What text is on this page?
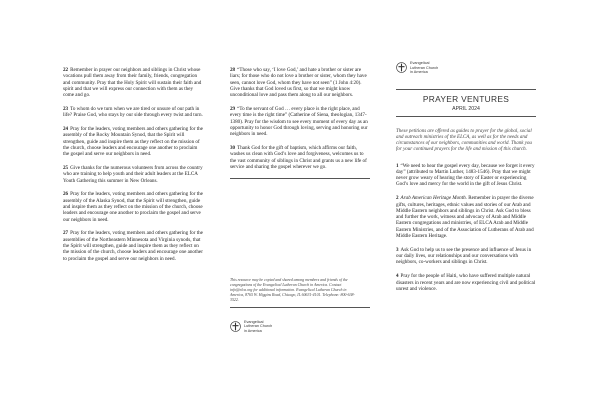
22 Remember in prayer our neighbors and siblings in Christ whose vocations pull them away from their family, friends, congregation and community. Pray that the Holy Spirit will sustain their faith and spirit and that we will express our connection with them as they come and go.

23 To whom do we turn when we are tired or unsure of our path in life? Praise God, who stays by our side through every twist and turn.

24 Pray for the leaders, voting members and others gathering for the assembly of the Rocky Mountain Synod, that the Spirit will strengthen, guide and inspire them as they reflect on the mission of the church, choose leaders and encourage one another to proclaim the gospel and serve our neighbors in need.

25 Give thanks for the numerous volunteers from across the country who are training to help youth and their adult leaders at the ELCA Youth Gathering this summer in New Orleans.

26 Pray for the leaders, voting members and others gathering for the assembly of the Alaska Synod, that the Spirit will strengthen, guide and inspire them as they reflect on the mission of the church, choose leaders and encourage one another to proclaim the gospel and serve our neighbors in need.

27 Pray for the leaders, voting members and others gathering for the assemblies of the Northeastern Minnesota and Virginia synods, that the Spirit will strengthen, guide and inspire them as they reflect on the mission of the church, choose leaders and encourage one another to proclaim the gospel and serve our neighbors in need.

28 “Those who say, ‘I love God,’ and hate a brother or sister are liars; for those who do not love a brother or sister, whom they have seen, cannot love God, whom they have not seen” (1 John 4:20). Give thanks that God loved us first, so that we might know unconditional love and pass them along to all our neighbors.

29 “To the servant of God … every place is the right place, and every time is the right time” (Catherine of Siena, theologian, 1347-1380). Pray for the wisdom to see every moment of every day as an opportunity to honor God through loving, serving and honoring our neighbors in need.

30 Thank God for the gift of baptism, which affirms our faith, washes us clean with God’s love and forgiveness, welcomes us to the vast community of siblings in Christ and grants us a new life of service and sharing the gospel wherever we go.

This resource may be copied and shared among members and friends of the congregations of the Evangelical Lutheran Church in America. Contact info@elca.org for additional information. Evangelical Lutheran Church in America, 8765 W. Higgins Road, Chicago, IL 60631-4101. Telephone: 800-638-3522.
Evangelical
Lutheran Church
in America
Evangelical
Lutheran Church
in America
PRAYER VENTURES
APRIL 2024
These petitions are offered as guides to prayer for the global, social and outreach ministries of the ELCA, as well as for the needs and circumstances of our neighbors, communities and world. Thank you for your continued prayers for the life and mission of this church.

1 “We need to hear the gospel every day, because we forget it every day” (attributed to Martin Luther, 1483-1546). Pray that we might never grow weary of hearing the story of Easter or experiencing God’s love and mercy for the world in the gift of Jesus Christ.

2 Arab American Heritage Month. Remember in prayer the diverse gifts, cultures, heritages, ethnic values and stories of our Arab and Middle Eastern neighbors and siblings in Christ. Ask God to bless and further the work, witness and advocacy of Arab and Middle Eastern congregations and ministries, of ELCA Arab and Middle Eastern Ministries, and of the Association of Lutherans of Arab and Middle Eastern Heritage.

3 Ask God to help us to see the presence and influence of Jesus in our daily lives, our relationships and our conversations with neighbors, co-workers and siblings in Christ.

4 Pray for the people of Haiti, who have suffered multiple natural disasters in recent years and are now experiencing civil and political unrest and violence.
